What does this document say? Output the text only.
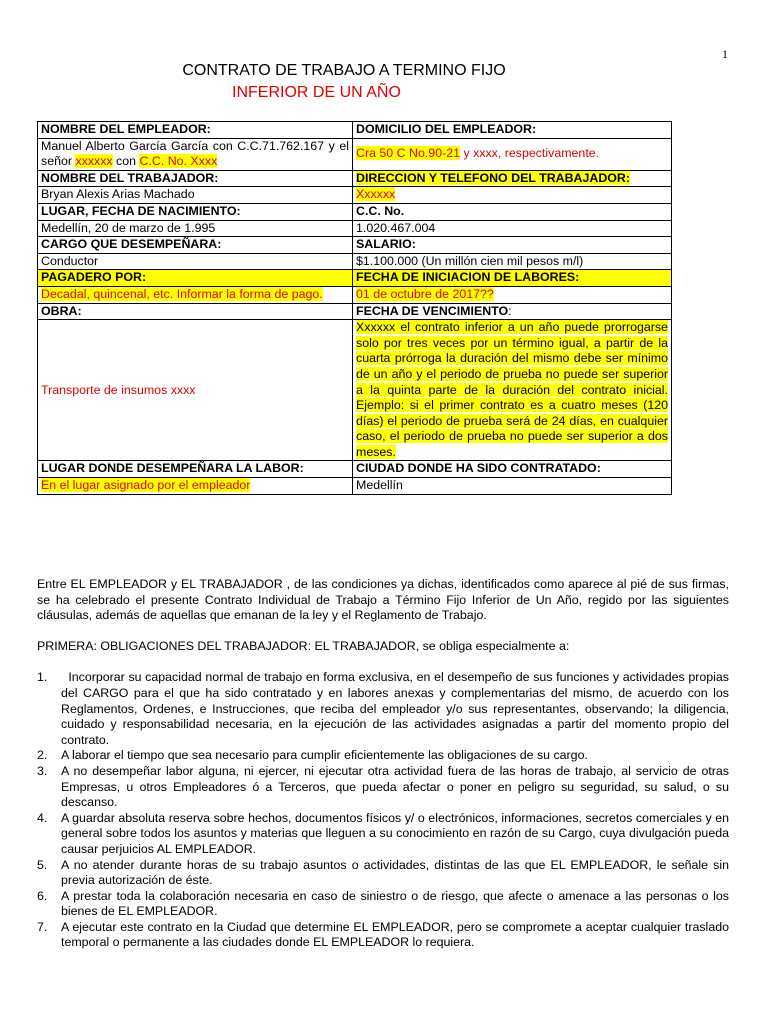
1
CONTRATO DE TRABAJO A TERMINO FIJO
INFERIOR DE UN AÑO
NOMBRE DEL EMPLEADOR:	DOMICILIO DEL EMPLEADOR:
Manuel Alberto García García con C.C.71.762.167 y el señor xxxxxx con C.C. No. Xxxx	Cra 50 C No.90-21 y xxxx, respectivamente.
NOMBRE DEL TRABAJADOR:	DIRECCION Y TELEFONO DEL TRABAJADOR:
Bryan Alexis Arias Machado	Xxxxxx
LUGAR, FECHA DE NACIMIENTO:	C.C. No.
Medellín, 20 de marzo de 1.995	1.020.467.004
CARGO QUE DESEMPEÑARA:	SALARIO:
Conductor	$1.100.000 (Un millón cien mil pesos m/l)
PAGADERO POR:	FECHA DE INICIACION DE LABORES:
Decadal, quincenal, etc. Informar la forma de pago.	01 de octubre de 2017??
OBRA:	FECHA DE VENCIMIENTO:
Transporte de insumos xxxx	Xxxxxx el contrato inferior a un año puede prorrogarse solo por tres veces por un término igual, a partir de la cuarta prórroga la duración del mismo debe ser mínimo de un año y el periodo de prueba no puede ser superior a la quinta parte de la duración del contrato inicial. Ejemplo: si el primer contrato es a cuatro meses (120 días) el periodo de prueba será de 24 días, en cualquier caso, el periodo de prueba no puede ser superior a dos meses.
LUGAR DONDE DESEMPEÑARA LA LABOR:	CIUDAD DONDE HA SIDO CONTRATADO:
En el lugar asignado por el empleador	Medellín
Entre EL EMPLEADOR y EL TRABAJADOR , de las condiciones ya dichas, identificados como aparece al pié de sus firmas, se ha celebrado el presente Contrato Individual de Trabajo a Término Fijo Inferior de Un Año, regido por las siguientes cláusulas, además de aquellas que emanan de la ley y el Reglamento de Trabajo.
PRIMERA: OBLIGACIONES DEL TRABAJADOR: EL TRABAJADOR, se obliga especialmente a:
1.	Incorporar su capacidad normal de trabajo en forma exclusiva, en el desempeño de sus funciones y actividades propias del CARGO para el que ha sido contratado y en labores anexas y complementarias del mismo, de acuerdo con los Reglamentos, Ordenes, e Instrucciones, que reciba del empleador y/o sus representantes, observando; la diligencia, cuidado y responsabilidad necesaria, en la ejecución de las actividades asignadas a partir del momento propio del contrato.
2.	A laborar el tiempo que sea necesario para cumplir eficientemente las obligaciones de su cargo.
3.	A no desempeñar labor alguna, ni ejercer, ni ejecutar otra actividad fuera de las horas de trabajo, al servicio de otras Empresas, u otros Empleadores ó a Terceros, que pueda afectar o poner en peligro su seguridad, su salud, o su descanso.
4.	A guardar absoluta reserva sobre hechos, documentos físicos y/ o electrónicos, informaciones, secretos comerciales y en general sobre todos los asuntos y materias que lleguen a su conocimiento en razón de su Cargo, cuya divulgación pueda causar perjuicios AL EMPLEADOR.
5.	A no atender durante horas de su trabajo asuntos o actividades, distintas de las que EL EMPLEADOR, le señale sin previa autorización de éste.
6.	A prestar toda la colaboración necesaria en caso de siniestro o de riesgo, que afecte o amenace a las personas o los bienes de EL EMPLEADOR.
7.	A ejecutar este contrato en la Ciudad que determine EL EMPLEADOR, pero se compromete a aceptar cualquier traslado temporal o permanente a las ciudades donde EL EMPLEADOR lo requiera.
